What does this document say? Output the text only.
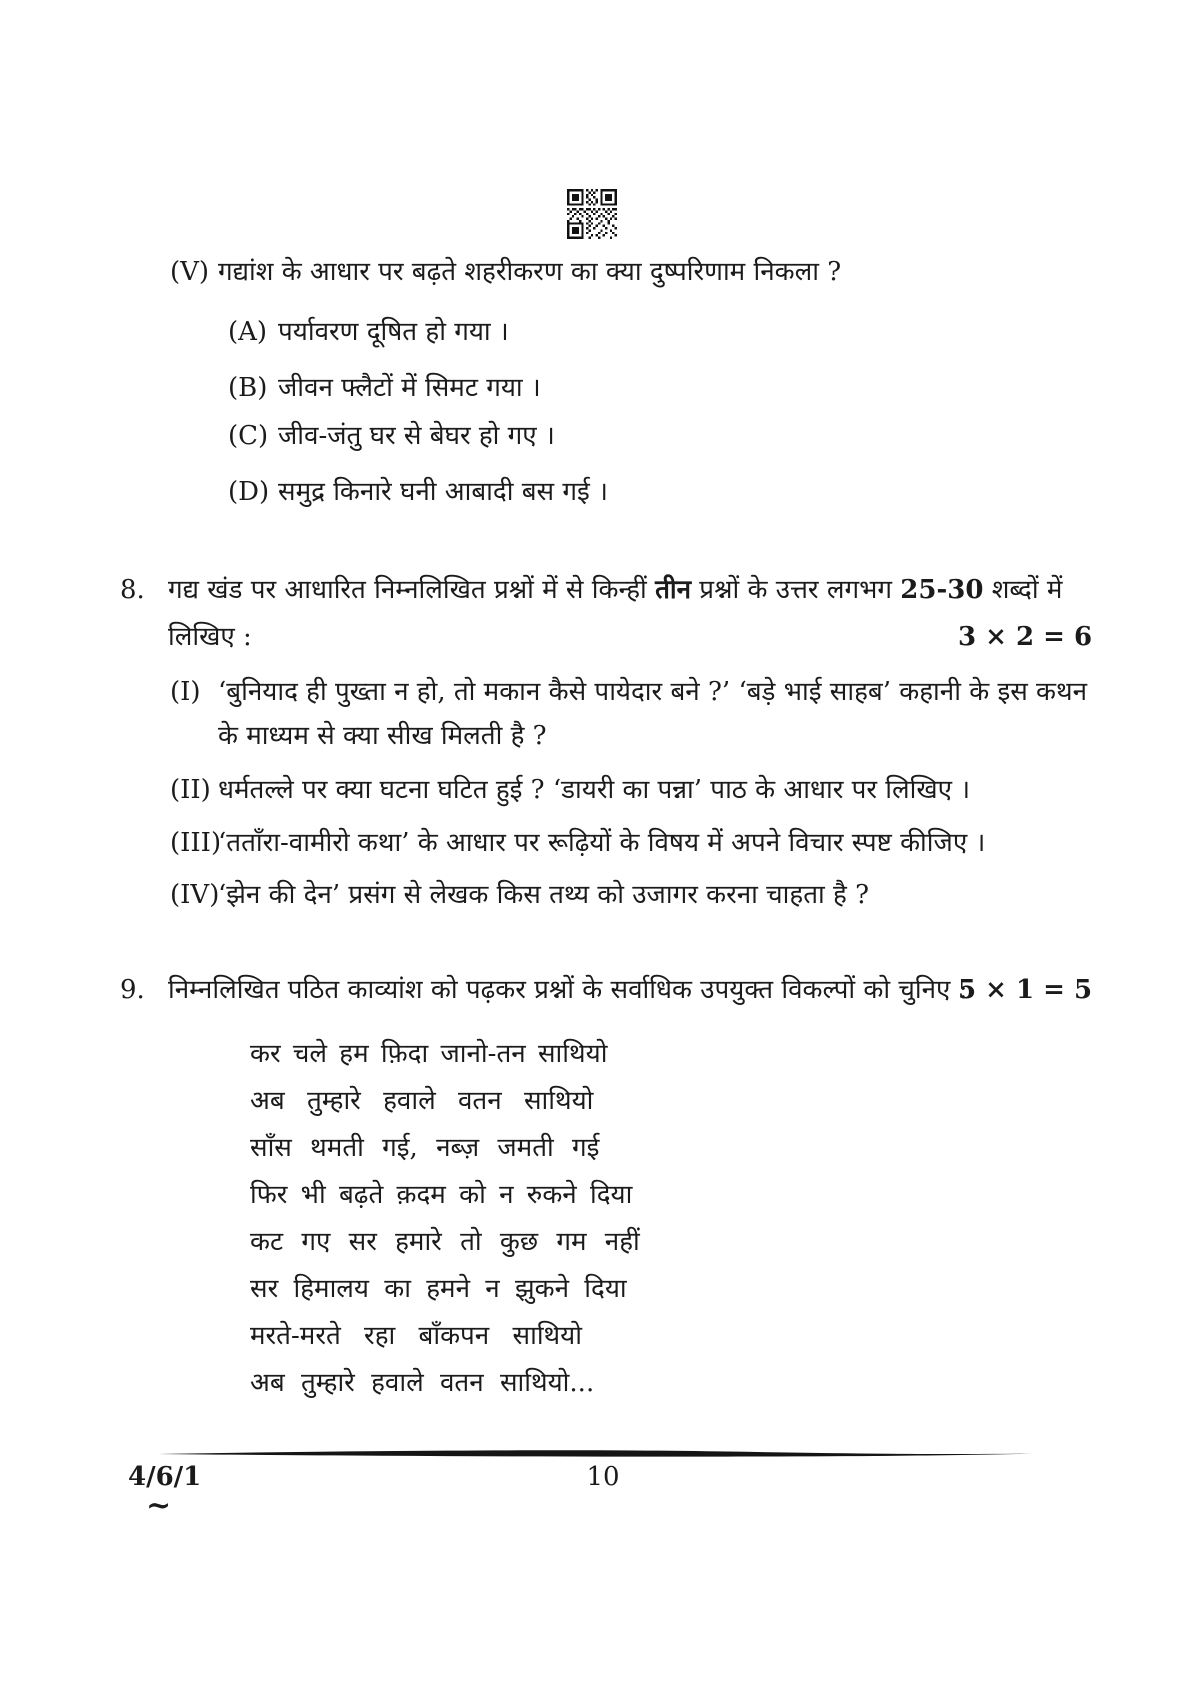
(V) गद्यांश के आधार पर बढ़ते शहरीकरण का क्या दुष्परिणाम निकला ?
(A) पर्यावरण दूषित हो गया ।
(B) जीवन फ्लैटों में सिमट गया ।
(C) जीव-जंतु घर से बेघर हो गए ।
(D) समुद्र किनारे घनी आबादी बस गई ।
8. गद्य खंड पर आधारित निम्नलिखित प्रश्नों में से किन्हीं तीन प्रश्नों के उत्तर लगभग 25-30 शब्दों में
लिखिए :	3 × 2 = 6
(I) ‘बुनियाद ही पुख्ता न हो, तो मकान कैसे पायेदार बने ?’ ‘बड़े भाई साहब’ कहानी के इस कथन
के माध्यम से क्या सीख मिलती है ?
(II) धर्मतल्ले पर क्या घटना घटित हुई ? ‘डायरी का पन्ना’ पाठ के आधार पर लिखिए ।
(III)‘तताँरा-वामीरो कथा’ के आधार पर रूढ़ियों के विषय में अपने विचार स्पष्ट कीजिए ।
(IV)‘झेन की देन’ प्रसंग से लेखक किस तथ्य को उजागर करना चाहता है ?
9. निम्नलिखित पठित काव्यांश को पढ़कर प्रश्नों के सर्वाधिक उपयुक्त विकल्पों को चुनिए :
5 × 1 = 5
कर चले हम फ़िदा जानो-तन साथियो
अब तुम्हारे हवाले वतन साथियो
साँस थमती गई, नब्ज़ जमती गई
फिर भी बढ़ते क़दम को न रुकने दिया
कट गए सर हमारे तो कुछ गम नहीं
सर हिमालय का हमने न झुकने दिया
मरते-मरते रहा बाँकपन साथियो
अब तुम्हारे हवाले वतन साथियो...
4/6/1	10
~
